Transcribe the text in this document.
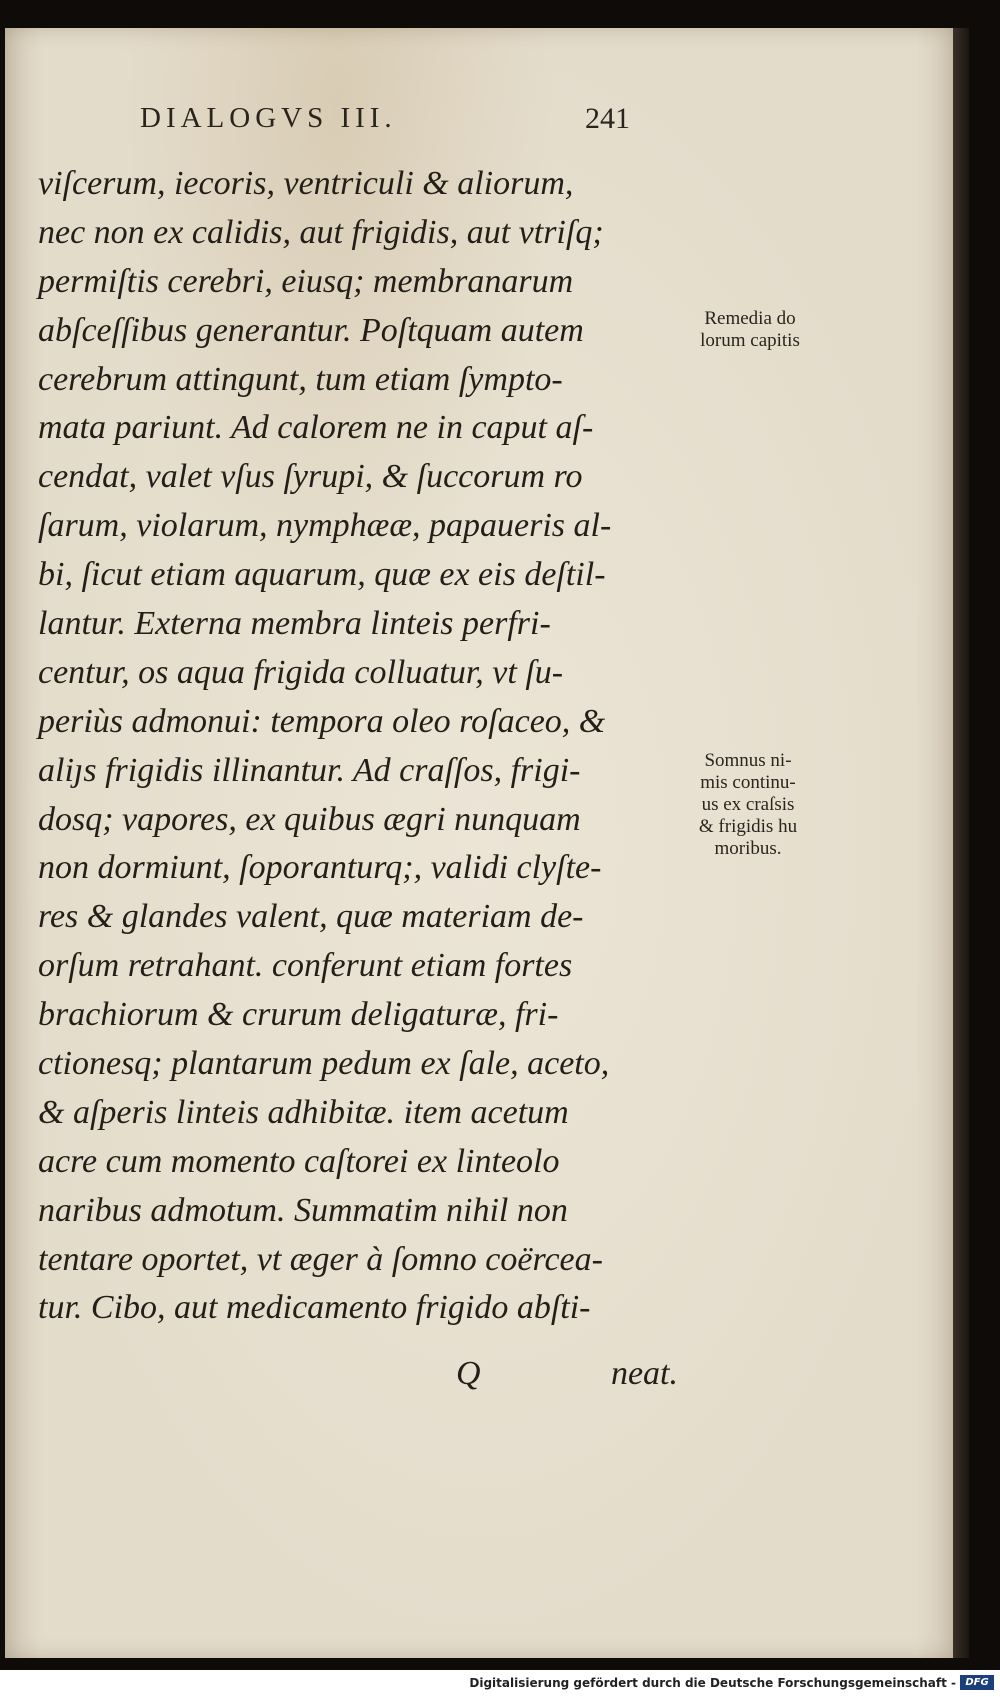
DIALOGVS III.	241
viſcerum, iecoris, ventriculi & aliorum,
nec non ex calidis, aut frigidis, aut vtriſq;
permiſtis cerebri, eiusq; membranarum
abſceſſibus generantur. Poſtquam autem
cerebrum attingunt, tum etiam ſympto-
mata pariunt. Ad calorem ne in caput aſ-
cendat, valet vſus ſyrupi, & ſuccorum ro
ſarum, violarum, nymphææ, papaueris al-
bi, ſicut etiam aquarum, quæ ex eis deſtil-
lantur. Externa membra linteis perfri-
centur, os aqua frigida colluatur, vt ſu-
periùs admonui: tempora oleo roſaceo, &
aliȷs frigidis illinantur. Ad craſſos, frigi-
dosq; vapores, ex quibus ægri nunquam
non dormiunt, ſoporanturq;, validi clyſte-
res & glandes valent, quæ materiam de-
orſum retrahant. conferunt etiam fortes
brachiorum & crurum deligaturæ, fri-
ctionesq; plantarum pedum ex ſale, aceto,
& aſperis linteis adhibitæ. item acetum
acre cum momento caſtorei ex linteolo
naribus admotum. Summatim nihil non
tentare oportet, vt æger à ſomno coërcea-
tur. Cibo, aut medicamento frigido abſti-
Remedia do
lorum capitis
Somnus ni-
mis continu-
us ex craſsis
& frigidis hu
moribus.
Q	neat.
Digitalisierung gefördert durch die Deutsche Forschungsgemeinschaft - DFG
